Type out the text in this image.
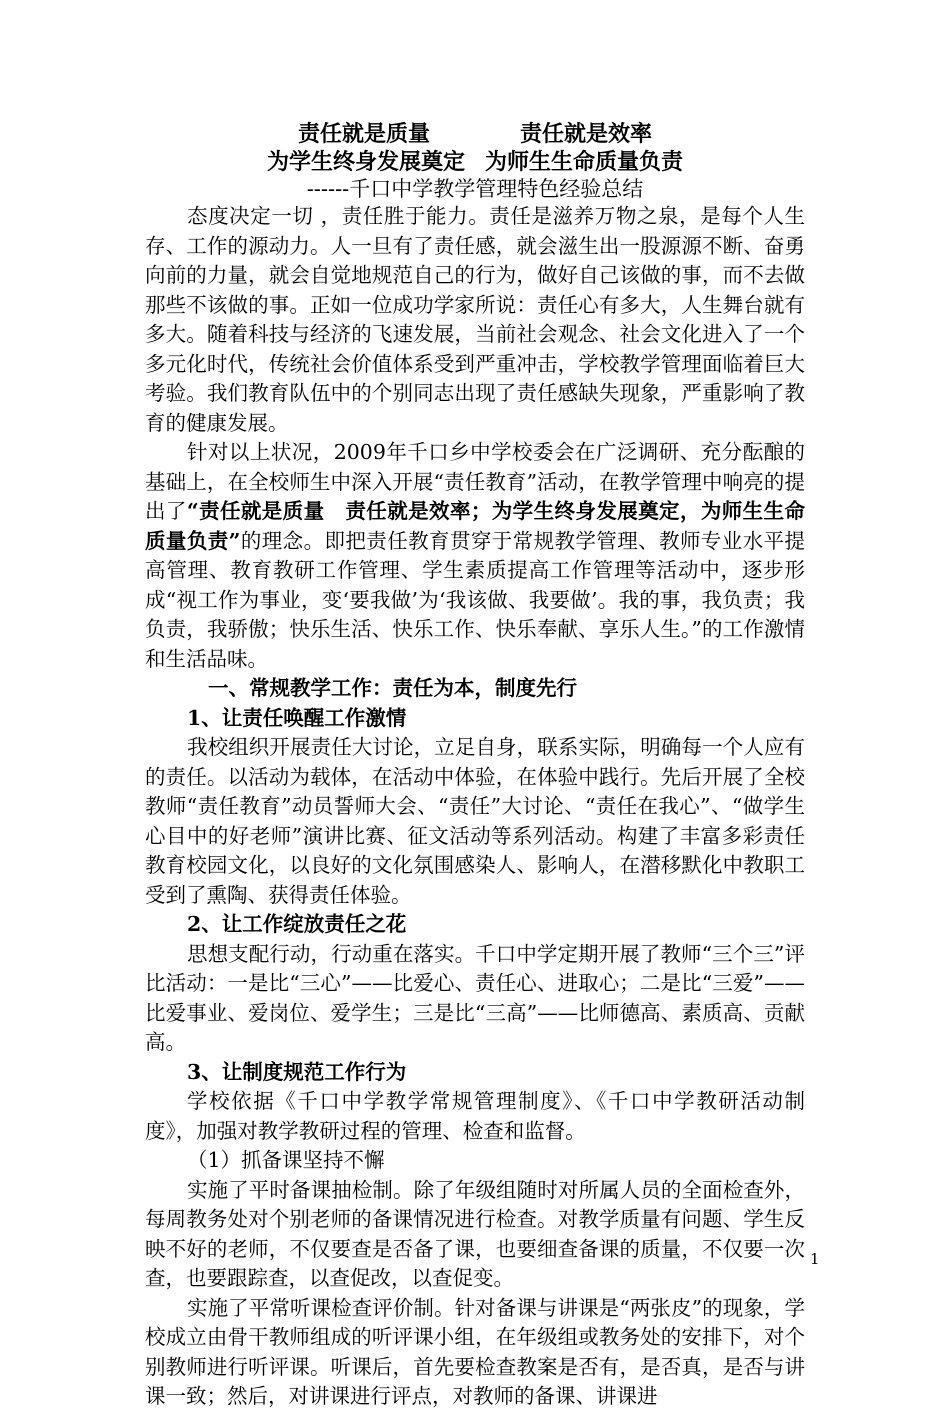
责任就是质量	责任就是效率

为学生终身发展奠定 为师生生命质量负责

------千口中学教学管理特色经验总结

态度决定一切 ，责任胜于能力。责任是滋养万物之泉，是每个人生存、工作的源动力。人一旦有了责任感，就会滋生出一股源源不断、奋勇向前的力量，就会自觉地规范自己的行为，做好自己该做的事，而不去做那些不该做的事。正如一位成功学家所说：责任心有多大，人生舞台就有多大。随着科技与经济的飞速发展，当前社会观念、社会文化进入了一个多元化时代，传统社会价值体系受到严重冲击，学校教学管理面临着巨大考验。我们教育队伍中的个别同志出现了责任感缺失现象，严重影响了教育的健康发展。

针对以上状况，2009年千口乡中学校委会在广泛调研、充分酝酿的基础上，在全校师生中深入开展“责任教育”活动，在教学管理中响亮的提出了“责任就是质量　责任就是效率；为学生终身发展奠定，为师生生命质量负责”的理念。即把责任教育贯穿于常规教学管理、教师专业水平提高管理、教育教研工作管理、学生素质提高工作管理等活动中，逐步形成“视工作为事业，变‘要我做’为‘我该做、我要做’。我的事，我负责；我负责，我骄傲；快乐生活、快乐工作、快乐奉献、享乐人生。”的工作激情和生活品味。

一、常规教学工作：责任为本，制度先行

1、让责任唤醒工作激情

我校组织开展责任大讨论，立足自身，联系实际，明确每一个人应有的责任。以活动为载体，在活动中体验，在体验中践行。先后开展了全校教师“责任教育”动员誓师大会、“责任”大讨论、“责任在我心”、“做学生心目中的好老师”演讲比赛、征文活动等系列活动。构建了丰富多彩责任教育校园文化，以良好的文化氛围感染人、影响人，在潜移默化中教职工受到了熏陶、获得责任体验。

2、让工作绽放责任之花

思想支配行动，行动重在落实。千口中学定期开展了教师“三个三”评比活动：一是比“三心”——比爱心、责任心、进取心；二是比“三爱”——比爱事业、爱岗位、爱学生；三是比“三高”——比师德高、素质高、贡献高。

3、让制度规范工作行为

学校依据《千口中学教学常规管理制度》、《千口中学教研活动制度》，加强对教学教研过程的管理、检查和监督。

（1）抓备课坚持不懈

实施了平时备课抽检制。除了年级组随时对所属人员的全面检查外，每周教务处对个别老师的备课情况进行检查。对教学质量有问题、学生反映不好的老师，不仅要查是否备了课，也要细查备课的质量，不仅要一次查，也要跟踪查，以查促改，以查促变。

实施了平常听课检查评价制。针对备课与讲课是“两张皮”的现象，学校成立由骨干教师组成的听评课小组，在年级组或教务处的安排下，对个别教师进行听评课。听课后，首先要检查教案是否有，是否真，是否与讲课一致；然后，对讲课进行评点，对教师的备课、讲课进

1
